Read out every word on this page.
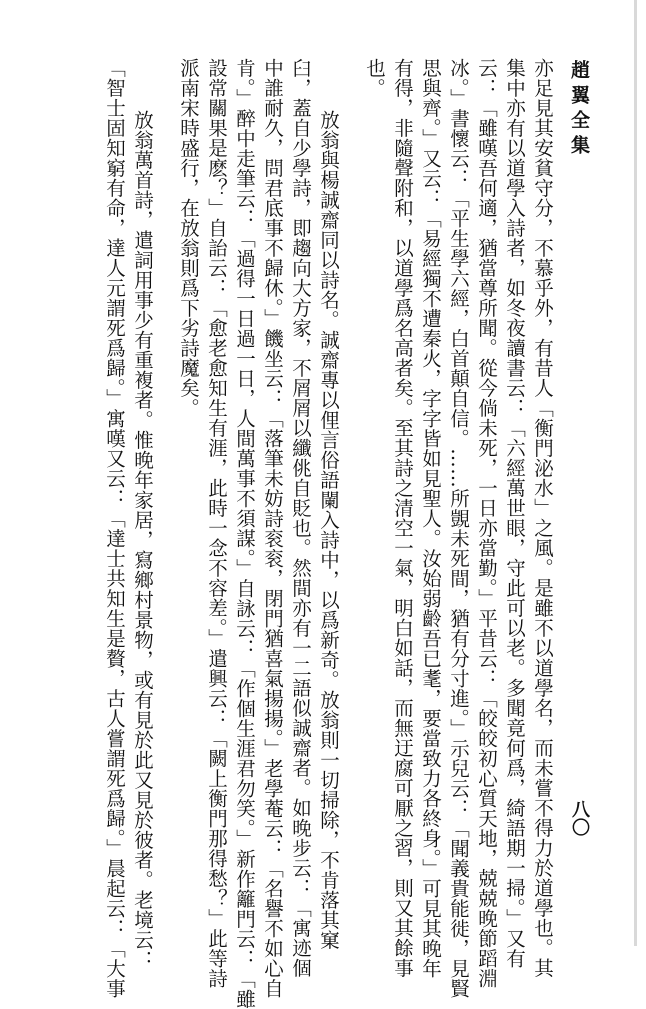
趙翼全集
八〇
亦足見其安貧守分，不慕乎外，有昔人「衡門泌水」之風。是雖不以道學名，而未嘗不得力於道學也。其
集中亦有以道學入詩者，如冬夜讀書云：「六經萬世眼，守此可以老。多聞竟何爲，綺語期一掃。」又有
云：「雖嘆吾何適，猶當尊所聞。從今倘未死，一日亦當勤。」平昔云：「皎皎初心質天地，兢兢晚節蹈淵
冰。」書懷云：「平生學六經，白首顛自信。……所覬未死間，猶有分寸進。」示兒云：「聞義貴能徙，見賢
思與齊。」又云：「易經獨不遭秦火，字字皆如見聖人。汝始弱齡吾已耄，要當致力各終身。」可見其晚年
有得，非隨聲附和，以道學爲名高者矣。至其詩之清空一氣，明白如話，而無迂腐可厭之習，則又其餘事
也。
放翁與楊誠齋同以詩名。誠齋專以俚言俗語闌入詩中，以爲新奇。放翁則一切掃除，不肯落其窠
臼，蓋自少學詩，即趨向大方家，不屑屑以纖佻自貶也。然間亦有一二語似誠齋者。如晚步云：「寓迹個
中誰耐久，問君底事不歸休。」饑坐云：「落筆未妨詩衮衮，閉門猶喜氣揚揚。」老學菴云：「名譽不如心自
肯。」醉中走筆云：「過得一日過一日，人間萬事不須謀。」自詠云：「作個生涯君勿笑。」新作籬門云：「雖
設常關果是麽？」自詒云：「愈老愈知生有涯，此時一念不容差。」遣興云：「闕上衡門那得愁？」此等詩
派南宋時盛行，在放翁則爲下劣詩魔矣。
放翁萬首詩，遣詞用事少有重複者。惟晚年家居，寫鄉村景物，或有見於此又見於彼者。老境云：
「智士固知窮有命，達人元謂死爲歸。」寓嘆又云：「達士共知生是贅，古人嘗謂死爲歸。」晨起云：「大事
